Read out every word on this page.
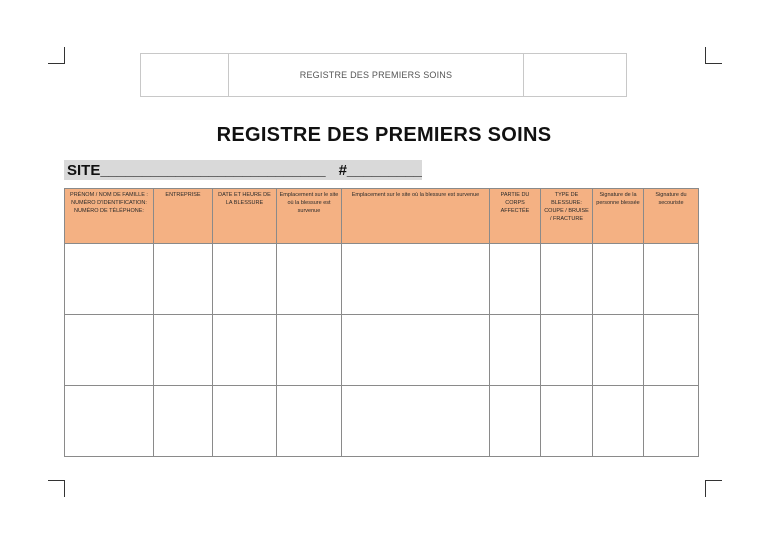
REGISTRE DES PREMIERS SOINS
REGISTRE DES PREMIERS SOINS
SITE___________________________ #_________
PRÉNOM / NOM DE FAMILLE :
NUMÉRO D'IDENTIFICATION:
NUMÉRO DE TÉLÉPHONE:	ENTREPRISE	DATE ET HEURE DE LA BLESSURE	Emplacement sur le site où la blessure est survenue	Emplacement sur le site où la blessure est survenue	PARTIE DU CORPS AFFECTÉE	TYPE DE BLESSURE: COUPE / BRUISE / FRACTURE	Signature de la personne blessée	Signature du secouriste
